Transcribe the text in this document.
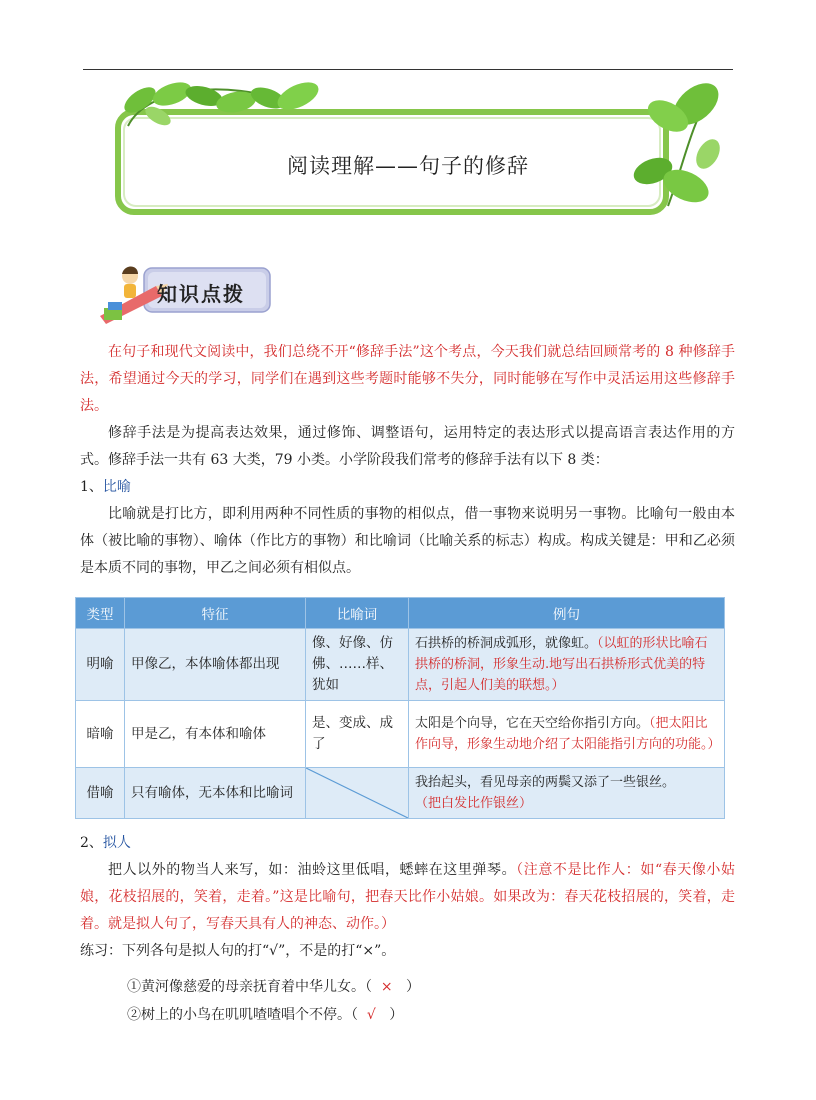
阅读理解——句子的修辞
知识点拨

在句子和现代文阅读中，我们总绕不开“修辞手法”这个考点，今天我们就总结回顾常考的 8 种修辞手法，希望通过今天的学习，同学们在遇到这些考题时能够不失分，同时能够在写作中灵活运用这些修辞手法。

修辞手法是为提高表达效果，通过修饰、调整语句，运用特定的表达形式以提高语言表达作用的方式。修辞手法一共有 63 大类，79 小类。小学阶段我们常考的修辞手法有以下 8 类：

1、比喻

比喻就是打比方，即利用两种不同性质的事物的相似点，借一事物来说明另一事物。比喻句一般由本体（被比喻的事物）、喻体（作比方的事物）和比喻词（比喻关系的标志）构成。构成关键是：甲和乙必须是本质不同的事物，甲乙之间必须有相似点。

类型	特征	比喻词	例句
明喻	甲像乙，本体喻体都出现	像、好像、仿佛、……样、犹如	石拱桥的桥洞成弧形，就像虹。（以虹的形状比喻石拱桥的桥洞，形象生动.地写出石拱桥形式优美的特点，引起人们美的联想。）
暗喻	甲是乙，有本体和喻体	是、变成、成了	太阳是个向导，它在天空给你指引方向。（把太阳比作向导，形象生动地介绍了太阳能指引方向的功能。）
借喻	只有喻体，无本体和比喻词		我抬起头，看见母亲的两鬓又添了一些银丝。
（把白发比作银丝）

2、拟人

把人以外的物当人来写，如：油蛉这里低唱，蟋蟀在这里弹琴。（注意不是比作人：如“春天像小姑娘，花枝招展的，笑着，走着。”这是比喻句，把春天比作小姑娘。如果改为：春天花枝招展的，笑着，走着。就是拟人句了，写春天具有人的神态、动作。）

练习：下列各句是拟人句的打“√”，不是的打“×”。

①黄河像慈爱的母亲抚育着中华儿女。（ × ）
②树上的小鸟在叽叽喳喳唱个不停。（ √ ）
